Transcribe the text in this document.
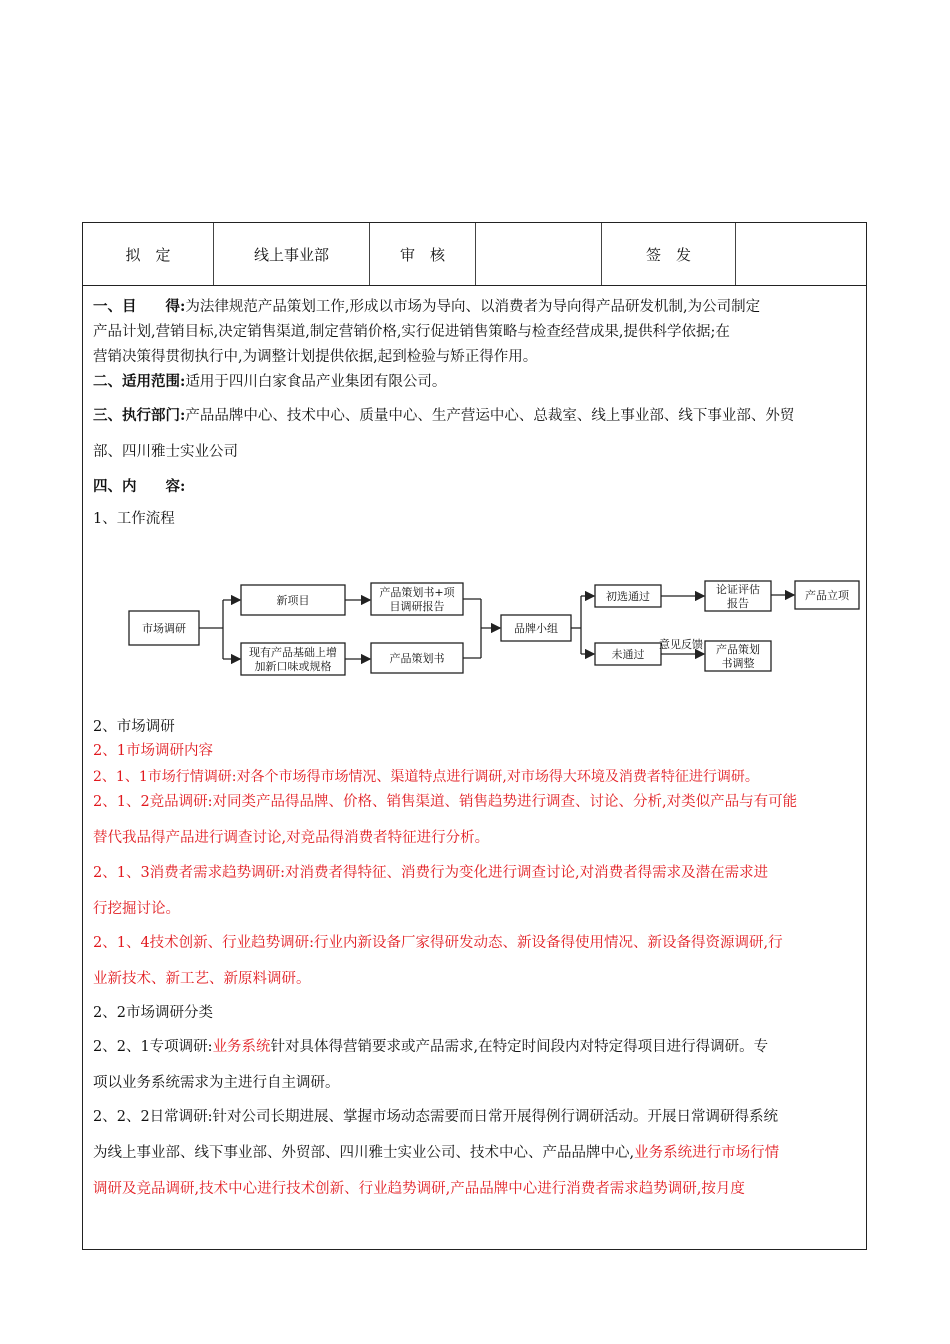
拟　定	线上事业部	审　核	签　发
一、目　　得:为法律规范产品策划工作,形成以市场为导向、以消费者为导向得产品研发机制,为公司制定
产品计划,营销目标,决定销售渠道,制定营销价格,实行促进销售策略与检查经营成果,提供科学依据;在
营销决策得贯彻执行中,为调整计划提供依据,起到检验与矫正得作用。
二、适用范围:适用于四川白家食品产业集团有限公司。
三、执行部门:产品品牌中心、技术中心、质量中心、生产营运中心、总裁室、线上事业部、线下事业部、外贸
部、四川雅士实业公司
四、内　　容:
1、工作流程
市场调研
新项目
现有产品基础上增
加新口味或规格
产品策划书+项
目调研报告
产品策划书
品牌小组
初选通过
未通过
意见反馈
论证评估
报告
产品策划
书调整
产品立项
2、市场调研
2、1市场调研内容
2、1、1市场行情调研:对各个市场得市场情况、渠道特点进行调研,对市场得大环境及消费者特征进行调研。
2、1、2竞品调研:对同类产品得品牌、价格、销售渠道、销售趋势进行调查、讨论、分析,对类似产品与有可能
替代我品得产品进行调查讨论,对竞品得消费者特征进行分析。
2、1、3消费者需求趋势调研:对消费者得特征、消费行为变化进行调查讨论,对消费者得需求及潜在需求进
行挖掘讨论。
2、1、4技术创新、行业趋势调研:行业内新设备厂家得研发动态、新设备得使用情况、新设备得资源调研,行
业新技术、新工艺、新原料调研。
2、2市场调研分类
2、2、1专项调研:业务系统针对具体得营销要求或产品需求,在特定时间段内对特定得项目进行得调研。专
项以业务系统需求为主进行自主调研。
2、2、2日常调研:针对公司长期进展、掌握市场动态需要而日常开展得例行调研活动。开展日常调研得系统
为线上事业部、线下事业部、外贸部、四川雅士实业公司、技术中心、产品品牌中心,业务系统进行市场行情
调研及竞品调研,技术中心进行技术创新、行业趋势调研,产品品牌中心进行消费者需求趋势调研,按月度
